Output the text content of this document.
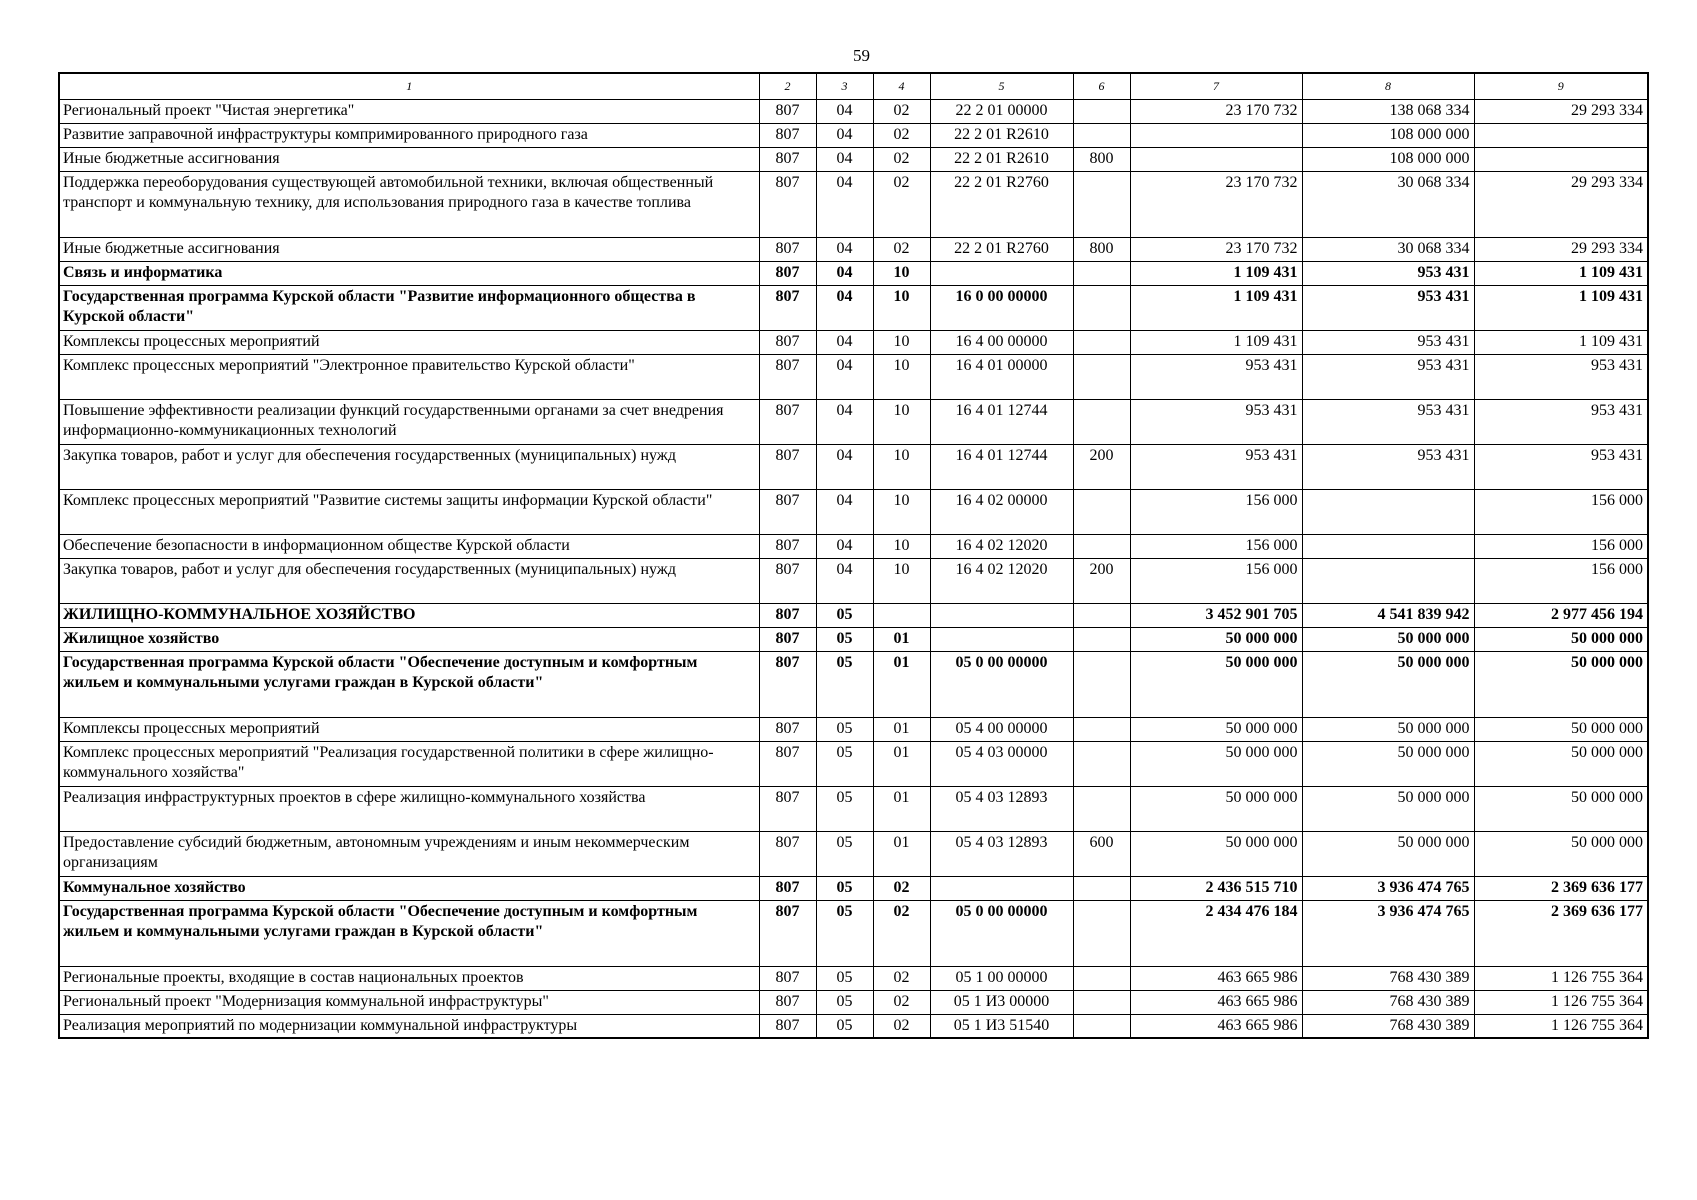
59
1	2	3	4	5	6	7	8	9
Региональный проект "Чистая энергетика"	807	04	02	22 2 01 00000		23 170 732	138 068 334	29 293 334
Развитие заправочной инфраструктуры компримированного природного газа	807	04	02	22 2 01 R2610			108 000 000	
Иные бюджетные ассигнования	807	04	02	22 2 01 R2610	800		108 000 000	
Поддержка переоборудования существующей автомобильной техники, включая общественный транспорт и коммунальную технику, для использования природного газа в качестве топлива	807	04	02	22 2 01 R2760		23 170 732	30 068 334	29 293 334
Иные бюджетные ассигнования	807	04	02	22 2 01 R2760	800	23 170 732	30 068 334	29 293 334
Связь и информатика	807	04	10			1 109 431	953 431	1 109 431
Государственная программа Курской области "Развитие информационного общества в Курской области"	807	04	10	16 0 00 00000		1 109 431	953 431	1 109 431
Комплексы процессных мероприятий	807	04	10	16 4 00 00000		1 109 431	953 431	1 109 431
Комплекс процессных мероприятий "Электронное правительство Курской области"	807	04	10	16 4 01 00000		953 431	953 431	953 431
Повышение эффективности реализации функций государственными органами за счет внедрения информационно-коммуникационных технологий	807	04	10	16 4 01 12744		953 431	953 431	953 431
Закупка товаров, работ и услуг для обеспечения государственных (муниципальных) нужд	807	04	10	16 4 01 12744	200	953 431	953 431	953 431
Комплекс процессных мероприятий "Развитие системы защиты информации Курской области"	807	04	10	16 4 02 00000		156 000		156 000
Обеспечение безопасности в информационном обществе Курской области	807	04	10	16 4 02 12020		156 000		156 000
Закупка товаров, работ и услуг для обеспечения государственных (муниципальных) нужд	807	04	10	16 4 02 12020	200	156 000		156 000
ЖИЛИЩНО-КОММУНАЛЬНОЕ ХОЗЯЙСТВО	807	05				3 452 901 705	4 541 839 942	2 977 456 194
Жилищное хозяйство	807	05	01			50 000 000	50 000 000	50 000 000
Государственная программа Курской области "Обеспечение доступным и комфортным жильем и коммунальными услугами граждан в Курской области"	807	05	01	05 0 00 00000		50 000 000	50 000 000	50 000 000
Комплексы процессных мероприятий	807	05	01	05 4 00 00000		50 000 000	50 000 000	50 000 000
Комплекс процессных мероприятий "Реализация государственной политики в сфере жилищно-коммунального хозяйства"	807	05	01	05 4 03 00000		50 000 000	50 000 000	50 000 000
Реализация инфраструктурных проектов в сфере жилищно-коммунального хозяйства	807	05	01	05 4 03 12893		50 000 000	50 000 000	50 000 000
Предоставление субсидий бюджетным, автономным учреждениям и иным некоммерческим организациям	807	05	01	05 4 03 12893	600	50 000 000	50 000 000	50 000 000
Коммунальное хозяйство	807	05	02			2 436 515 710	3 936 474 765	2 369 636 177
Государственная программа Курской области "Обеспечение доступным и комфортным жильем и коммунальными услугами граждан в Курской области"	807	05	02	05 0 00 00000		2 434 476 184	3 936 474 765	2 369 636 177
Региональные проекты, входящие в состав национальных проектов	807	05	02	05 1 00 00000		463 665 986	768 430 389	1 126 755 364
Региональный проект "Модернизация коммунальной инфраструктуры"	807	05	02	05 1 И3 00000		463 665 986	768 430 389	1 126 755 364
Реализация мероприятий по модернизации коммунальной инфраструктуры	807	05	02	05 1 И3 51540		463 665 986	768 430 389	1 126 755 364
